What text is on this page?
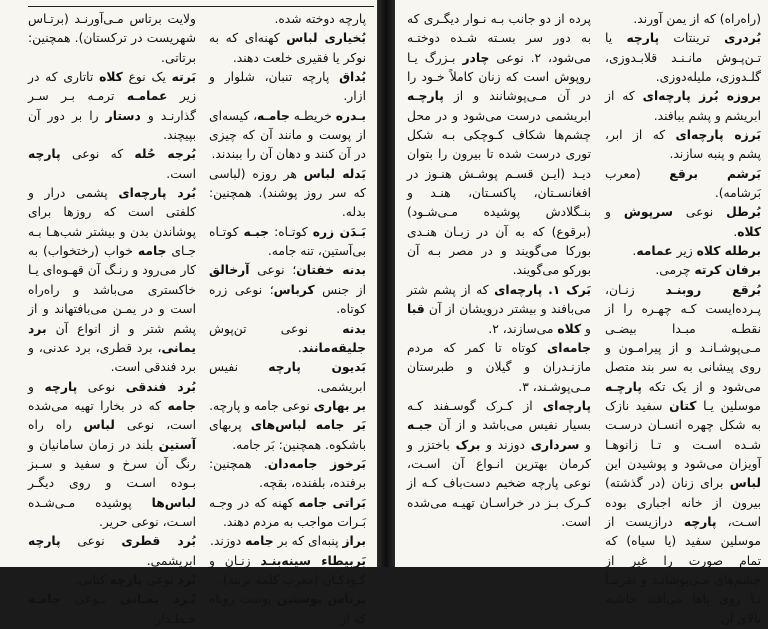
پارچه دوخته شده.

بُخیاری لباس کهنه‌ای که به نوکر یا فقیری خلعت دهند.

بُداق پارچه تنبان، شلوار و ازار.

بـدره خریطـه جامـه، کیسه‌ای از پوست و مانند آن که چیزی در آن کنند و دهان آن را ببندند.

بَدله لباس هر روزه (لباسی که سر روز پوشند). همچنین: بدله.

بَـدَن زره کوتـاه: جبـه کوتـاه بی‌آستین، تنه جامه.

بدنه خفتان؛ نوعی آرخالق از جنس کرباس؛ نوعی زره کوتاه.

بدنه نوعی تن‌پوش جلیقه‌مانند.

بَدیون پارچه نفیس ابریشمی.

بر بهاری نوعی جامه و پارچه.

بَر جامه لباس‌های پربهای باشکوه. همچنین: بَر جامه.

بَرخوز جامه‌دان. همچنین: برفنده، بلفنده، بقچه.

بَراتی جامه کهنه که در وجـه بَـرات مواجب به مردم دهند.

براز پنبه‌ای که بر جامه دوزند.

بَربیطاء سینه‌بنـد زنـان و کـودکـان (معرب کلمه بربند).

برتاس پوستین پوست روباه که از

ولایت برتاس مـی‌آورنـد (برتـاس شهریست در ترکستان). همچنین: برتاتی.

بَرته یک نوع کلاه تاتاری که در زیر عمامـه ترمـه بـر سـر گذارنـد و دستار را بر دور آن بپیچند.

بُرجه حُله که نوعی پارچه است.

بُرد پارچه‌ای پشمی درار و کلفتی است که روزها برای پوشاندن بدن و بیشتر شب‌هـا بـه جـای جامه خواب (رختخواب) به کار می‌رود و رنـگ آن قهـوه‌ای یـا خاکستری می‌باشد و راه‌راه است و در یمـن می‌بافتهاند و از پشم شتر و از انواع آن برد یمانی، برد قطری، برد عدنی، و برد فندقی است.

بُرد فندقی نوعی پارچه و جامه که در بخارا تهیه می‌شده است، نوعی لباس راه راه آستین بلند در زمان سامانیان و رنگ آن سرخ و سفید و سـبز بـوده اسـت و روی دیگـر لباس‌ها پوشیده مـی‌شـده اسـت، نوعی حریر.

بُرد قطری نوعی پارچه ابریشمی.

بُرد نوعی پارچه کتانی.

بُـرد یمـانی نـوعی جامـه خـطـدار

(راه‌راه) که از یمن آورند.

بُردری ترینتات پارچه یا تـن‌پـوش مانـنـد قلابـدوزی، گلـدوزی، ملیله‌دوزی.

بروزه بُرز پارچه‌ای که از ابریشم و پشم ببافند.

بَرزه پارچه‌ای که از ابر، پشم و پنبه سازند.

بَرشم برقع (معرب بَرشامه).

بُرطل نوعی سرپوش و کلاه.

برطله کلاه زیر عمامه.

برفان کرته چرمی.

بُرقع روبنـد زنـان، پـرده‌ایست کـه چهـره را از نقطـه مبـدا بیضـی مـی‌پوشـانـد و از پیرامـون و روی پیشانی به سر بند متصل می‌شود و از یک تکه پارچـه موسلین یـا کتان سفید نازک به شکل چهره انسـان درسـت شـده اسـت و تـا زانوهـا آویزان می‌شود و پوشیدن این لباس برای زنان (در گذشته) بیرون از خانه اجباری بوده اسـت، پارچه درازیست از موسلین سفید (یا سیاه) که تمام صورت را غیر از چشم‌های مـی‌پوشانـد و تقریبـاً تـا روی پاها می‌افتد حاشیه بالای آن

پرده از دو جانب بـه نـوار دیگـری که به دور سر بسـته شـده دوختـه می‌شود، ۲. نوعی چادر بـزرگ یـا روپوش است که زنان کاملاً خـود را در آن مـی‌پوشانند و از پارچـه ابریشمی درست می‌شود و در محل چشم‌ها شکاف کـوچکی بـه شکل توری درست شده تا بیرون را بتوان دیـد (ایـن قسـم پوشـش هنـوز در افغانسـتان، پاکسـتان، هنـد و بنـگلادش پوشیده مـی‌شـود) (برقوع) که به آن در زبـان هنـدی بورکا می‌گویند و در مصر بـه آن بورکو می‌گویند.

بَرک ۱. پارچه‌ای که از پشم شتر می‌بافند و بیشتر درویشان از آن قبا و کلاه می‌سازند، ۲.

جامه‌ای کوتاه تا کمر که مردم مازنـدران و گیلان و طبرستان مـی‌پوشـند، ۳.

پارچه‌ای از کـرک گوسـفند کـه بسیار نفیس می‌باشد و از آن جبـه و سرداری دوزند و برک باختزر و کرمان بهترین انـواع آن اسـت، نوعی پارچه ضخیم دست‌باف کـه از کـرک بـز در خراسـان تهیـه می‌شده است.
